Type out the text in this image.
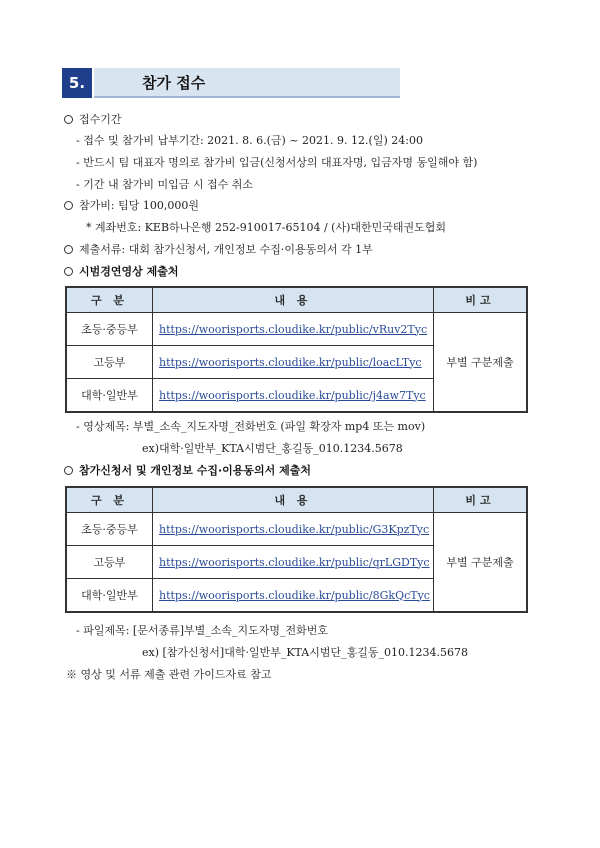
5.	참가 접수
접수기간
- 접수 및 참가비 납부기간: 2021. 8. 6.(금) ~ 2021. 9. 12.(일) 24:00
- 반드시 팀 대표자 명의로 참가비 입금(신청서상의 대표자명, 입금자명 동일해야 함)
- 기간 내 참가비 미입금 시 접수 취소
참가비: 팀당 100,000원
* 계좌번호: KEB하나은행 252-910017-65104 / (사)대한민국태권도협회
제출서류: 대회 참가신청서, 개인정보 수집·이용동의서 각 1부
시범경연영상 제출처
구 분	내 용	비고
초등·중등부	https://woorisports.cloudike.kr/public/vRuv2Tyc	부별 구분제출
고등부	https://woorisports.cloudike.kr/public/loacLTyc	
대학·일반부	https://woorisports.cloudike.kr/public/j4aw7Tyc	
- 영상제목: 부별_소속_지도자명_전화번호 (파일 확장자 mp4 또는 mov)
ex)대학·일반부_KTA시범단_홍길동_010.1234.5678
참가신청서 및 개인정보 수집·이용동의서 제출처
구 분	내 용	비고
초등·중등부	https://woorisports.cloudike.kr/public/G3KpzTyc	부별 구분제출
고등부	https://woorisports.cloudike.kr/public/qrLGDTyc	
대학·일반부	https://woorisports.cloudike.kr/public/8GkQcTyc	
- 파일제목: [문서종류]부별_소속_지도자명_전화번호
ex) [참가신청서]대학·일반부_KTA시범단_홍길동_010.1234.5678
※ 영상 및 서류 제출 관련 가이드자료 참고
